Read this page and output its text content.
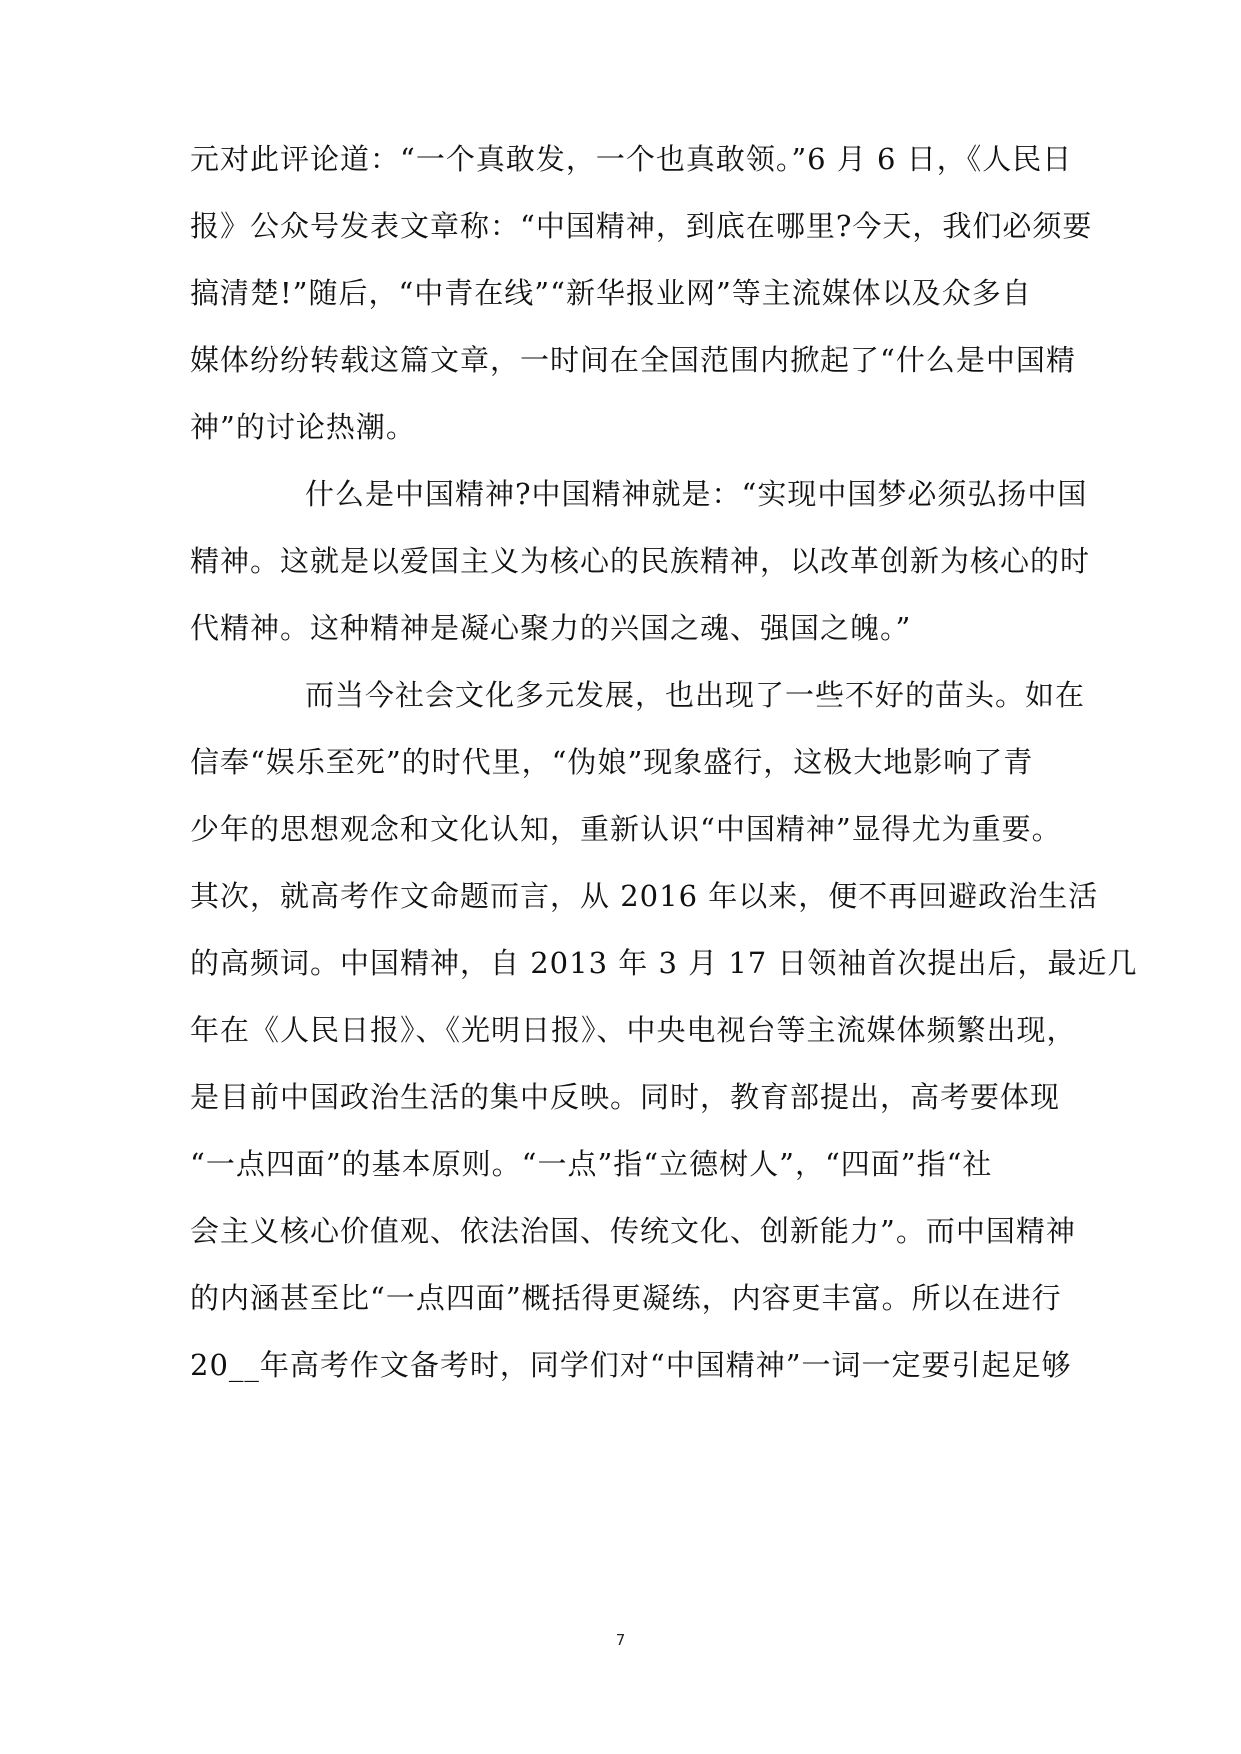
元对此评论道：“一个真敢发，一个也真敢领。”6 月 6 日，《人民日
报》公众号发表文章称：“中国精神，到底在哪里?今天，我们必须要
搞清楚!”随后，“中青在线”“新华报业网”等主流媒体以及众多自
媒体纷纷转载这篇文章，一时间在全国范围内掀起了“什么是中国精
神”的讨论热潮。
什么是中国精神?中国精神就是：“实现中国梦必须弘扬中国
精神。这就是以爱国主义为核心的民族精神，以改革创新为核心的时
代精神。这种精神是凝心聚力的兴国之魂、强国之魄。”
而当今社会文化多元发展，也出现了一些不好的苗头。如在
信奉“娱乐至死”的时代里，“伪娘”现象盛行，这极大地影响了青
少年的思想观念和文化认知，重新认识“中国精神”显得尤为重要。
其次，就高考作文命题而言，从 2016 年以来，便不再回避政治生活
的高频词。中国精神，自 2013 年 3 月 17 日领袖首次提出后，最近几
年在《人民日报》、《光明日报》、中央电视台等主流媒体频繁出现，
是目前中国政治生活的集中反映。同时，教育部提出，高考要体现
“一点四面”的基本原则。“一点”指“立德树人”，“四面”指“社
会主义核心价值观、依法治国、传统文化、创新能力”。而中国精神
的内涵甚至比“一点四面”概括得更凝练，内容更丰富。所以在进行
20__年高考作文备考时，同学们对“中国精神”一词一定要引起足够
7
